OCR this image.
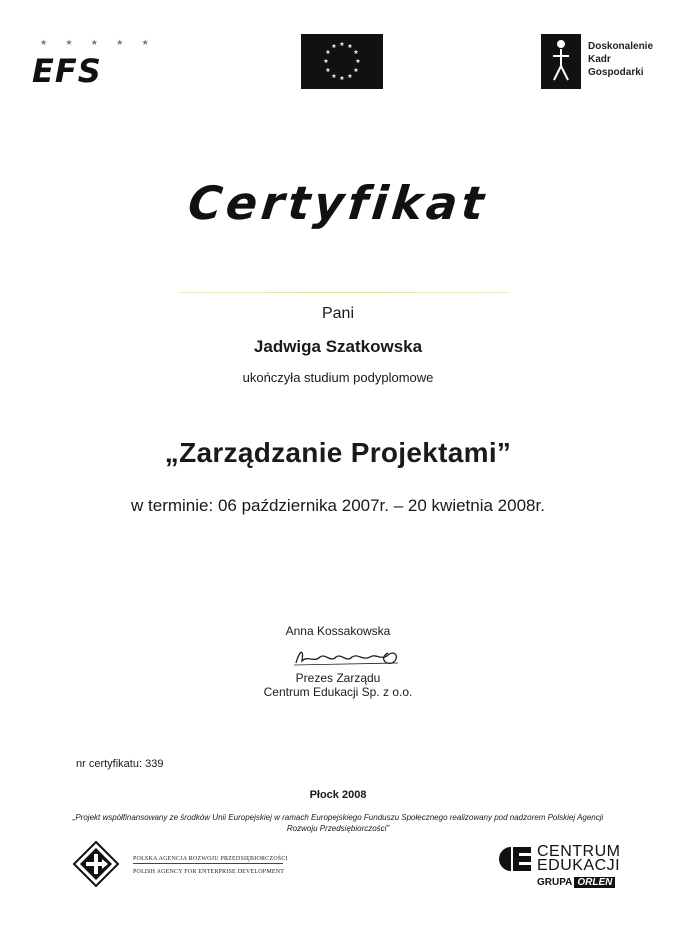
★ ★ ★ ★ ★
EFS
★ ★
★
★
★
★
★
★
★
★
★
★	Doskonalenie
Kadr
Gospodarki
Certyfikat
Pani
Jadwiga Szatkowska
ukończyła studium podyplomowe
„Zarządzanie Projektami”
w terminie: 06 października 2007r. – 20 kwietnia 2008r.
Anna Kossakowska
Prezes Zarządu
Centrum Edukacji Sp. z o.o.
nr certyfikatu: 339
Płock 2008
„Projekt współfinansowany ze środków Unii Europejskiej w ramach Europejskiego Funduszu Społecznego realizowany pod nadzorem Polskiej Agencji Rozwoju Przedsiębiorczości”
POLSKA AGENCJA ROZWOJU PRZEDSIĘBIORCZOŚCI
POLISH AGENCY FOR ENTERPRISE DEVELOPMENT
CENTRUM
EDUKACJI
GRUPA ORLEN
